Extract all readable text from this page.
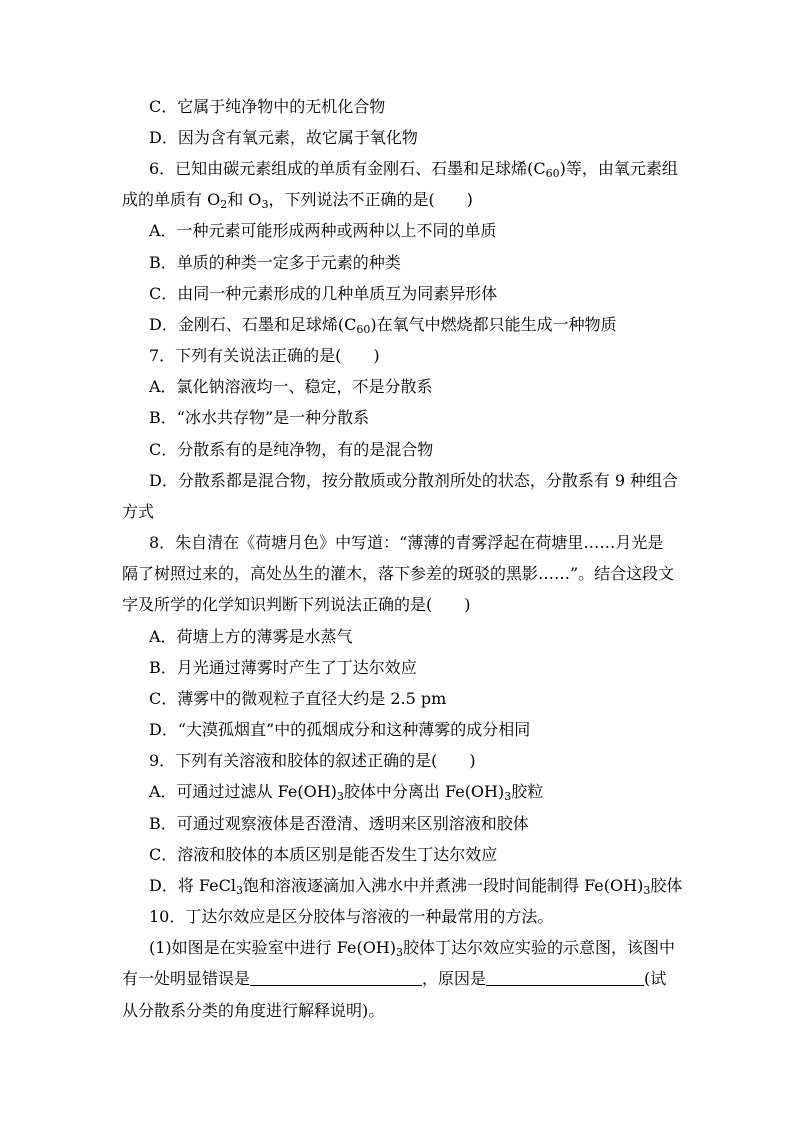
C．它属于纯净物中的无机化合物
D．因为含有氧元素，故它属于氧化物
6．已知由碳元素组成的单质有金刚石、石墨和足球烯$(C_{60})$等，由氧元素组
成的单质有 $O_2$和 $O_3$，下列说法不正确的是(　　)
A．一种元素可能形成两种或两种以上不同的单质
B．单质的种类一定多于元素的种类
C．由同一种元素形成的几种单质互为同素异形体
D．金刚石、石墨和足球烯$(C_{60})$在氧气中燃烧都只能生成一种物质
7．下列有关说法正确的是(　　)
A．氯化钠溶液均一、稳定，不是分散系
B．“冰水共存物”是一种分散系
C．分散系有的是纯净物，有的是混合物
D．分散系都是混合物，按分散质或分散剂所处的状态，分散系有 9 种组合
方式
8．朱自清在《荷塘月色》中写道：“薄薄的青雾浮起在荷塘里……月光是
隔了树照过来的，高处丛生的灌木，落下参差的斑驳的黑影……”。结合这段文
字及所学的化学知识判断下列说法正确的是(　　)
A．荷塘上方的薄雾是水蒸气
B．月光通过薄雾时产生了丁达尔效应
C．薄雾中的微观粒子直径大约是 2.5 pm
D．“大漠孤烟直”中的孤烟成分和这种薄雾的成分相同
9．下列有关溶液和胶体的叙述正确的是(　　)
A．可通过过滤从 $Fe(OH)_3$胶体中分离出 $Fe(OH)_3$胶粒
B．可通过观察液体是否澄清、透明来区别溶液和胶体
C．溶液和胶体的本质区别是能否发生丁达尔效应
D．将 FeCl$_3$饱和溶液逐滴加入沸水中并煮沸一段时间能制得 $Fe(OH)_3$胶体
10．丁达尔效应是区分胶体与溶液的一种最常用的方法。
(1)如图是在实验室中进行 $Fe(OH)_3$胶体丁达尔效应实验的示意图，该图中
有一处明显错误是	，原因是	(试
从分散系分类的角度进行解释说明)。
